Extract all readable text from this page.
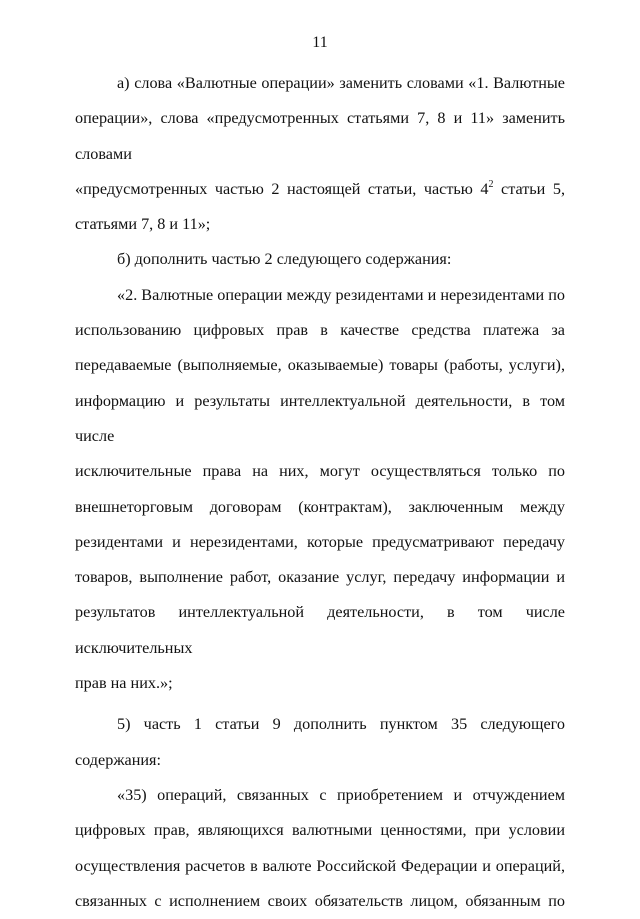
11

а) слова «Валютные операции» заменить словами «1. Валютные

операции», слова «предусмотренных статьями 7, 8 и 11» заменить словами

«предусмотренных частью 2 настоящей статьи, частью $4^2$ статьи 5,

статьями 7, 8 и 11»;

б) дополнить частью 2 следующего содержания:

«2. Валютные операции между резидентами и нерезидентами по

использованию цифровых прав в качестве средства платежа за

передаваемые (выполняемые, оказываемые) товары (работы, услуги),

информацию и результаты интеллектуальной деятельности, в том числе

исключительные права на них, могут осуществляться только по

внешнеторговым договорам (контрактам), заключенным между

резидентами и нерезидентами, которые предусматривают передачу

товаров, выполнение работ, оказание услуг, передачу информации и

результатов интеллектуальной деятельности, в том числе исключительных

прав на них.»;

5) часть 1 статьи 9 дополнить пунктом 35 следующего содержания:

«35) операций, связанных с приобретением и отчуждением

цифровых прав, являющихся валютными ценностями, при условии

осуществления расчетов в валюте Российской Федерации и операций,

связанных с исполнением своих обязательств лицом, обязанным по
